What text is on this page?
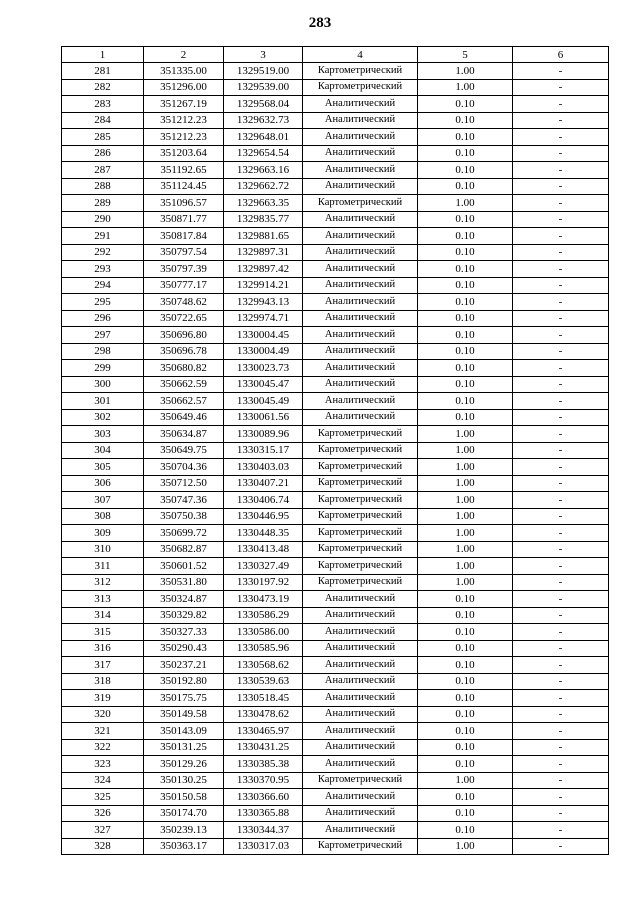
283
1	2	3	4	5	6
281	351335.00	1329519.00	Картометрический	1.00	-
282	351296.00	1329539.00	Картометрический	1.00	-
283	351267.19	1329568.04	Аналитический	0.10	-
284	351212.23	1329632.73	Аналитический	0.10	-
285	351212.23	1329648.01	Аналитический	0.10	-
286	351203.64	1329654.54	Аналитический	0.10	-
287	351192.65	1329663.16	Аналитический	0.10	-
288	351124.45	1329662.72	Аналитический	0.10	-
289	351096.57	1329663.35	Картометрический	1.00	-
290	350871.77	1329835.77	Аналитический	0.10	-
291	350817.84	1329881.65	Аналитический	0.10	-
292	350797.54	1329897.31	Аналитический	0.10	-
293	350797.39	1329897.42	Аналитический	0.10	-
294	350777.17	1329914.21	Аналитический	0.10	-
295	350748.62	1329943.13	Аналитический	0.10	-
296	350722.65	1329974.71	Аналитический	0.10	-
297	350696.80	1330004.45	Аналитический	0.10	-
298	350696.78	1330004.49	Аналитический	0.10	-
299	350680.82	1330023.73	Аналитический	0.10	-
300	350662.59	1330045.47	Аналитический	0.10	-
301	350662.57	1330045.49	Аналитический	0.10	-
302	350649.46	1330061.56	Аналитический	0.10	-
303	350634.87	1330089.96	Картометрический	1.00	-
304	350649.75	1330315.17	Картометрический	1.00	-
305	350704.36	1330403.03	Картометрический	1.00	-
306	350712.50	1330407.21	Картометрический	1.00	-
307	350747.36	1330406.74	Картометрический	1.00	-
308	350750.38	1330446.95	Картометрический	1.00	-
309	350699.72	1330448.35	Картометрический	1.00	-
310	350682.87	1330413.48	Картометрический	1.00	-
311	350601.52	1330327.49	Картометрический	1.00	-
312	350531.80	1330197.92	Картометрический	1.00	-
313	350324.87	1330473.19	Аналитический	0.10	-
314	350329.82	1330586.29	Аналитический	0.10	-
315	350327.33	1330586.00	Аналитический	0.10	-
316	350290.43	1330585.96	Аналитический	0.10	-
317	350237.21	1330568.62	Аналитический	0.10	-
318	350192.80	1330539.63	Аналитический	0.10	-
319	350175.75	1330518.45	Аналитический	0.10	-
320	350149.58	1330478.62	Аналитический	0.10	-
321	350143.09	1330465.97	Аналитический	0.10	-
322	350131.25	1330431.25	Аналитический	0.10	-
323	350129.26	1330385.38	Аналитический	0.10	-
324	350130.25	1330370.95	Картометрический	1.00	-
325	350150.58	1330366.60	Аналитический	0.10	-
326	350174.70	1330365.88	Аналитический	0.10	-
327	350239.13	1330344.37	Аналитический	0.10	-
328	350363.17	1330317.03	Картометрический	1.00	-
